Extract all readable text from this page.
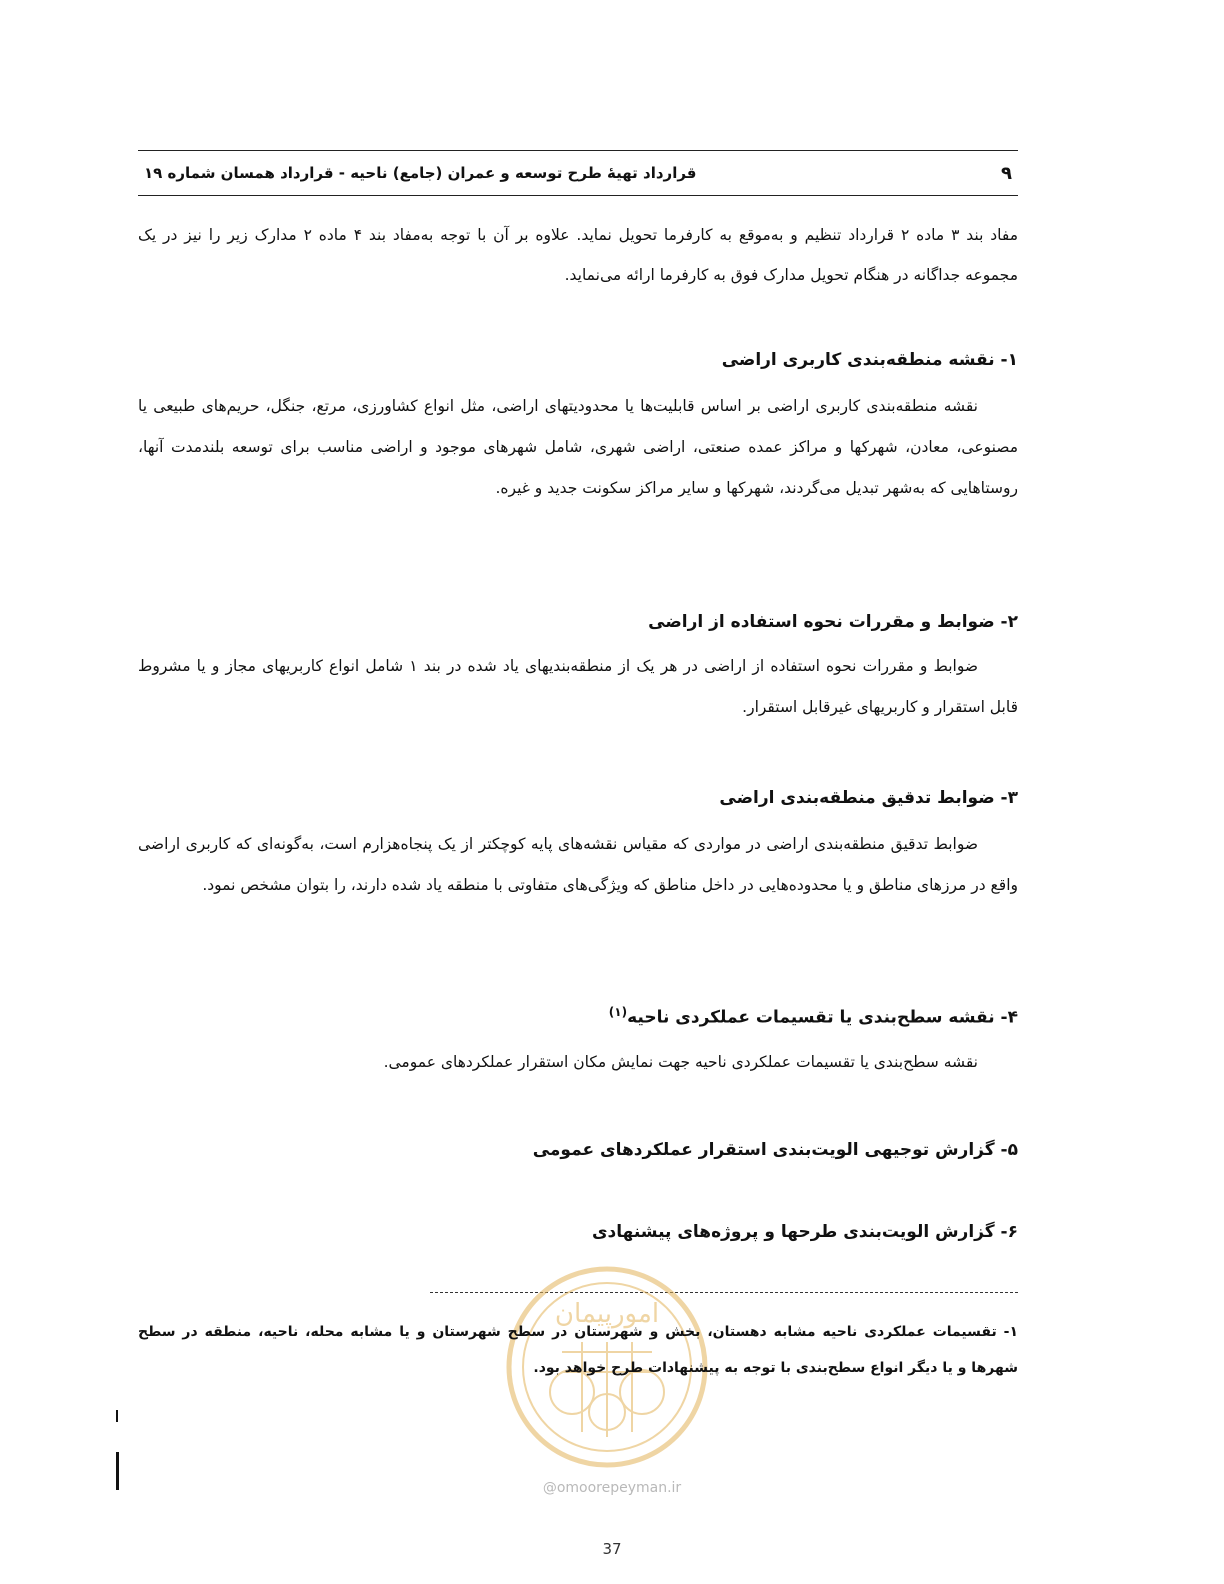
۹
قرارداد تهیهٔ طرح توسعه و عمران (جامع) ناحیه - قرارداد همسان شماره ۱۹
مفاد بند ۳ ماده ۲ قرارداد تنظیم و به‌موقع به کارفرما تحویل نماید. علاوه بر آن با توجه به‌مفاد بند ۴ ماده ۲ مدارک زیر را نیز در یک مجموعه جداگانه در هنگام تحویل مدارک فوق به کارفرما ارائه می‌نماید.
۱- نقشه منطقه‌بندی کاربری اراضی
نقشه منطقه‌بندی کاربری اراضی بر اساس قابلیت‌ها یا محدودیتهای اراضی، مثل انواع کشاورزی، مرتع، جنگل، حریم‌های طبیعی یا مصنوعی، معادن، شهرکها و مراکز عمده صنعتی، اراضی شهری، شامل شهرهای موجود و اراضی مناسب برای توسعه بلندمدت آنها، روستاهایی که به‌شهر تبدیل می‌گردند، شهرکها و سایر مراکز سکونت جدید و غیره.
۲- ضوابط و مقررات نحوه استفاده از اراضی
ضوابط و مقررات نحوه استفاده از اراضی در هر یک از منطقه‌بندیهای یاد شده در بند ۱ شامل انواع کاربریهای مجاز و یا مشروط قابل استقرار و کاربریهای غیرقابل استقرار.
۳- ضوابط تدقیق منطقه‌بندی اراضی
ضوابط تدقیق منطقه‌بندی اراضی در مواردی که مقیاس نقشه‌های پایه کوچکتر از یک پنجاه‌هزارم است، به‌گونه‌ای که کاربری اراضی واقع در مرزهای مناطق و یا محدوده‌هایی در داخل مناطق که ویژگی‌های متفاوتی با منطقه یاد شده دارند، را بتوان مشخص نمود.
۴- نقشه سطح‌بندی یا تقسیمات عملکردی ناحیه$^{(۱)}$
نقشه سطح‌بندی یا تقسیمات عملکردی ناحیه جهت نمایش مکان استقرار عملکردهای عمومی.
۵- گزارش توجیهی الویت‌بندی استقرار عملکردهای عمومی
۶- گزارش الویت‌بندی طرحها و پروژه‌های پیشنهادی
امورپیمان
۱- تقسیمات عملکردی ناحیه مشابه دهستان، بخش و شهرستان در سطح شهرستان و یا مشابه محله، ناحیه، منطقه در سطح شهرها و یا دیگر انواع سطح‌بندی با توجه به پیشنهادات طرح خواهد بود.
@omoorepeyman.ir
37
